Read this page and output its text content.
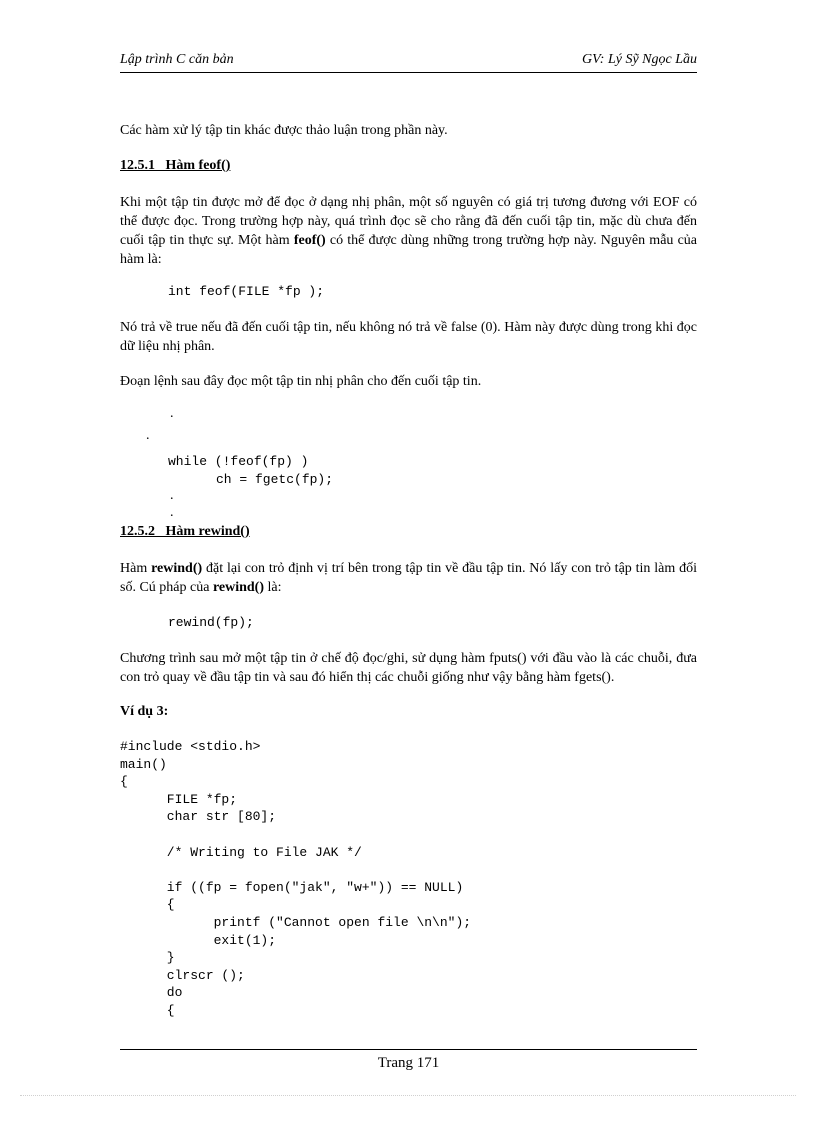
Lập trình C căn bản	GV: Lý Sỹ Ngọc Lầu
Các hàm xử lý tập tin khác được thảo luận trong phần này.
12.5.1 Hàm feof()
Khi một tập tin được mở để đọc ở dạng nhị phân, một số nguyên có giá trị tương đương với EOF có thể được đọc. Trong trường hợp này, quá trình đọc sẽ cho rằng đã đến cuối tập tin, mặc dù chưa đến cuối tập tin thực sự. Một hàm feof() có thể được dùng những trong trường hợp này. Nguyên mẫu của hàm là:
int feof(FILE *fp );
Nó trả về true nếu đã đến cuối tập tin, nếu không nó trả về false (0). Hàm này được dùng trong khi đọc dữ liệu nhị phân.
Đoạn lệnh sau đây đọc một tập tin nhị phân cho đến cuối tập tin.
.
.
while (!feof(fp) )
ch = fgetc(fp);
.
.
12.5.2 Hàm rewind()
Hàm rewind() đặt lại con trỏ định vị trí bên trong tập tin về đầu tập tin. Nó lấy con trỏ tập tin làm đối số. Cú pháp của rewind() là:
rewind(fp);
Chương trình sau mở một tập tin ở chế độ đọc/ghi, sử dụng hàm fputs() với đầu vào là các chuỗi, đưa con trỏ quay về đầu tập tin và sau đó hiển thị các chuỗi giống như vậy bằng hàm fgets().
Ví dụ 3:
#include <stdio.h>
main()
{
FILE *fp;
char str [80];
/* Writing to File JAK */
if ((fp = fopen("jak", "w+")) == NULL)
{
printf ("Cannot open file \n\n");
exit(1);
}
clrscr ();
do
{
Trang 171
